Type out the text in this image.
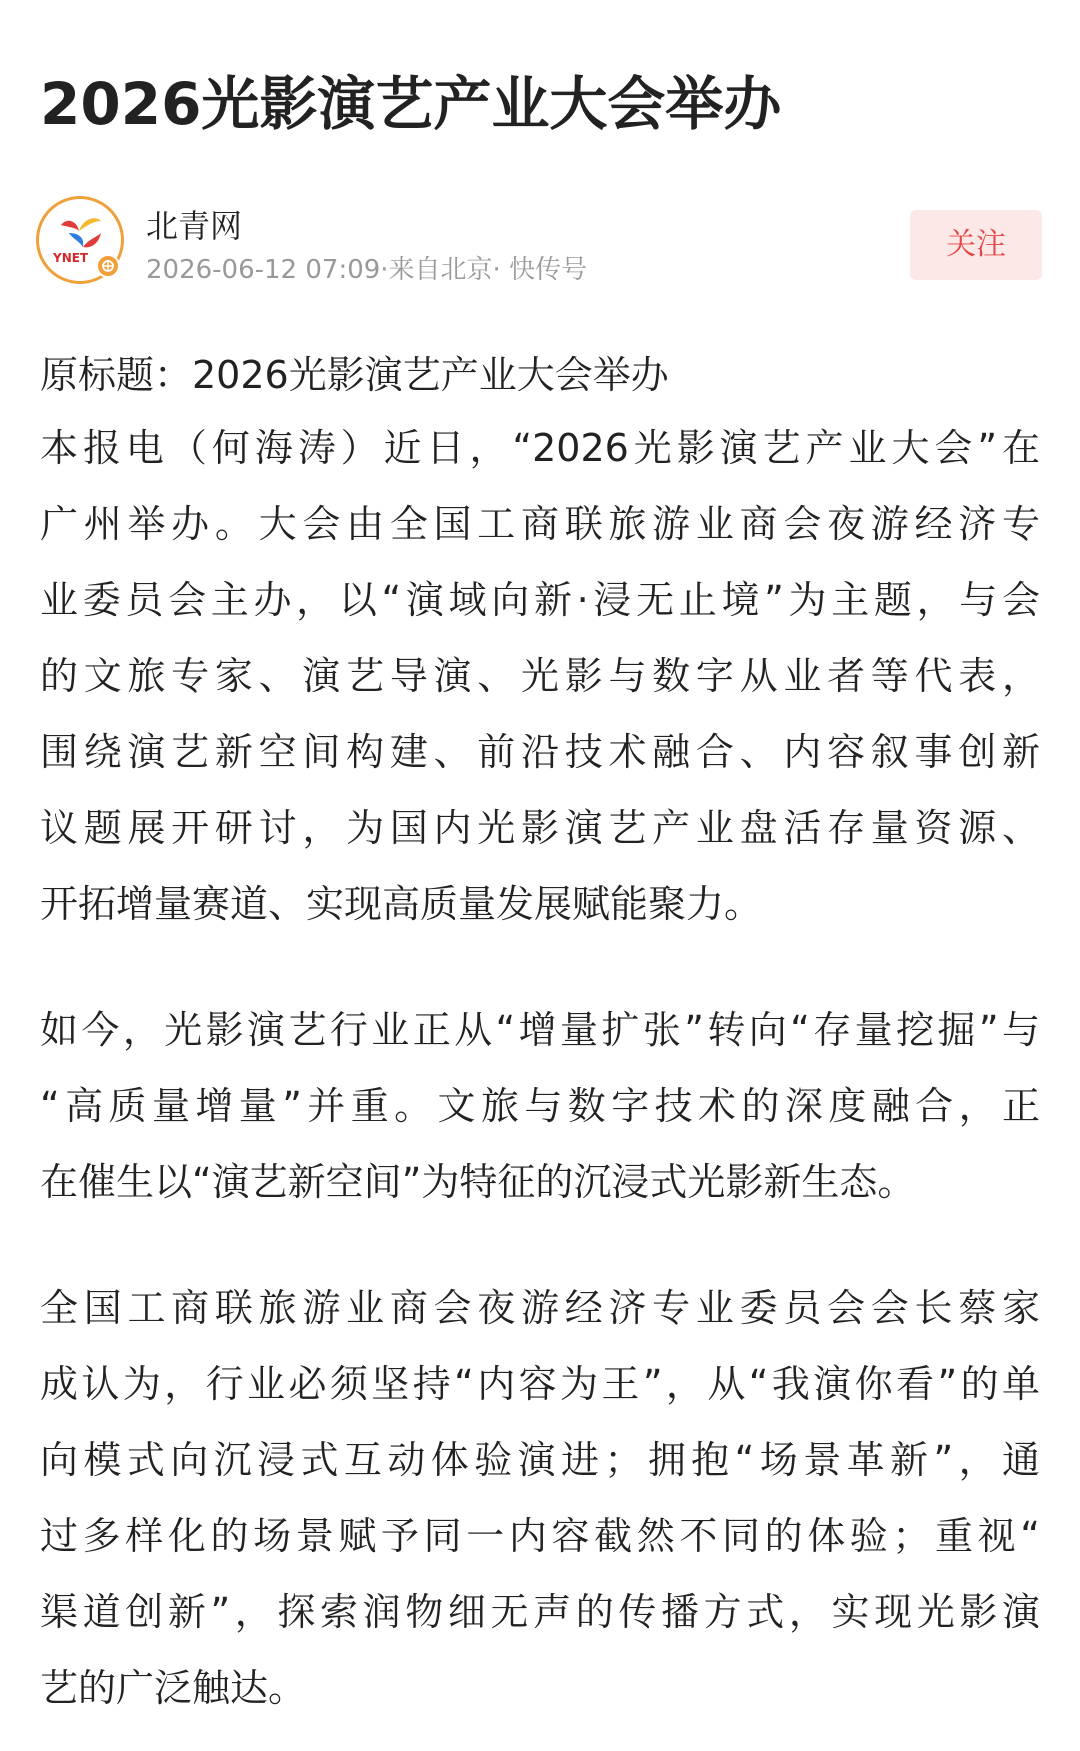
2026光影演艺产业大会举办
YNET
北青网
2026-06-12 07:09·来自北京· 快传号
关注
原标题：2026光影演艺产业大会举办
本报电（何海涛）近日，“2026光影演艺产业大会”在
广州举办。大会由全国工商联旅游业商会夜游经济专
业委员会主办，以“演域向新·浸无止境”为主题，与会
的文旅专家、演艺导演、光影与数字从业者等代表，
围绕演艺新空间构建、前沿技术融合、内容叙事创新
议题展开研讨，为国内光影演艺产业盘活存量资源、
开拓增量赛道、实现高质量发展赋能聚力。
如今，光影演艺行业正从“增量扩张”转向“存量挖掘”与
“高质量增量”并重。文旅与数字技术的深度融合，正
在催生以“演艺新空间”为特征的沉浸式光影新生态。
全国工商联旅游业商会夜游经济专业委员会会长蔡家
成认为，行业必须坚持“内容为王”，从“我演你看”的单
向模式向沉浸式互动体验演进；拥抱“场景革新”，通
过多样化的场景赋予同一内容截然不同的体验；重视“
渠道创新”，探索润物细无声的传播方式，实现光影演
艺的广泛触达。
